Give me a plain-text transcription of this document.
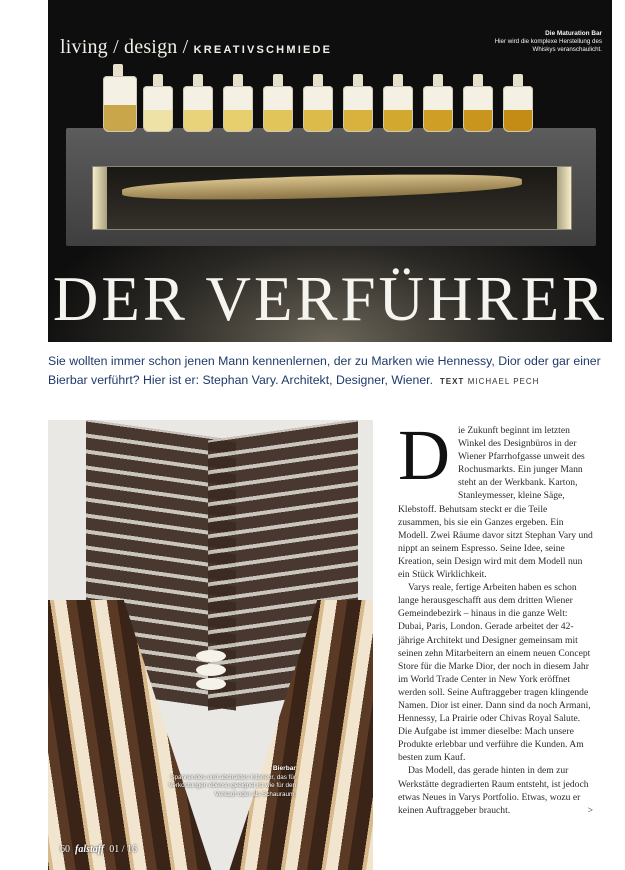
living / design / KREATIVSCHMIEDE
Die Maturation Bar
Hier wird die komplexe Herstellung des Whiskys veranschaulicht.
DER VERFÜHRER
Sie wollten immer schon jenen Mann kennenlernen, der zu Marken wie Hennessy, Dior oder gar einer Bierbar verführt? Hier ist er: Stephan Vary. Architekt, Designer, Wiener. TEXT MICHAEL PECH
Bierbar
Spannendes und abstraktes Interieur, das für Verkostungen ebenso geeignet ist wie für den Verkauf oder als Schauraum.
60 falstaff 01 / 16

Die Zukunft beginnt im letzten Winkel des Designbüros in der Wiener Pfarrhofgasse unweit des Rochusmarkts. Ein junger Mann steht an der Werkbank. Karton, Stanleymesser, kleine Säge, Klebstoff. Behutsam steckt er die Teile zusammen, bis sie ein Ganzes ergeben. Ein Modell. Zwei Räume davor sitzt Stephan Vary und nippt an seinem Espresso. Seine Idee, seine Kreation, sein Design wird mit dem Modell nun ein Stück Wirklichkeit.

Varys reale, fertige Arbeiten haben es schon lange herausgeschafft aus dem dritten Wiener Gemeindebezirk – hinaus in die ganze Welt: Dubai, Paris, London. Gerade arbeitet der 42-jährige Architekt und Designer gemeinsam mit seinen zehn Mitarbeitern an einem neuen Concept Store für die Marke Dior, der noch in diesem Jahr im World Trade Center in New York eröffnet werden soll. Seine Auftraggeber tragen klingende Namen. Dior ist einer. Dann sind da noch Armani, Hennessy, La Prairie oder Chivas Royal Salute. Die Aufgabe ist immer dieselbe: Mach unsere Produkte erlebbar und verführe die Kunden. Am besten zum Kauf.

Das Modell, das gerade hinten in dem zur Werkstätte degradierten Raum entsteht, ist jedoch etwas Neues in Varys Portfolio. Etwas, wozu er keinen Auftraggeber braucht.	>
